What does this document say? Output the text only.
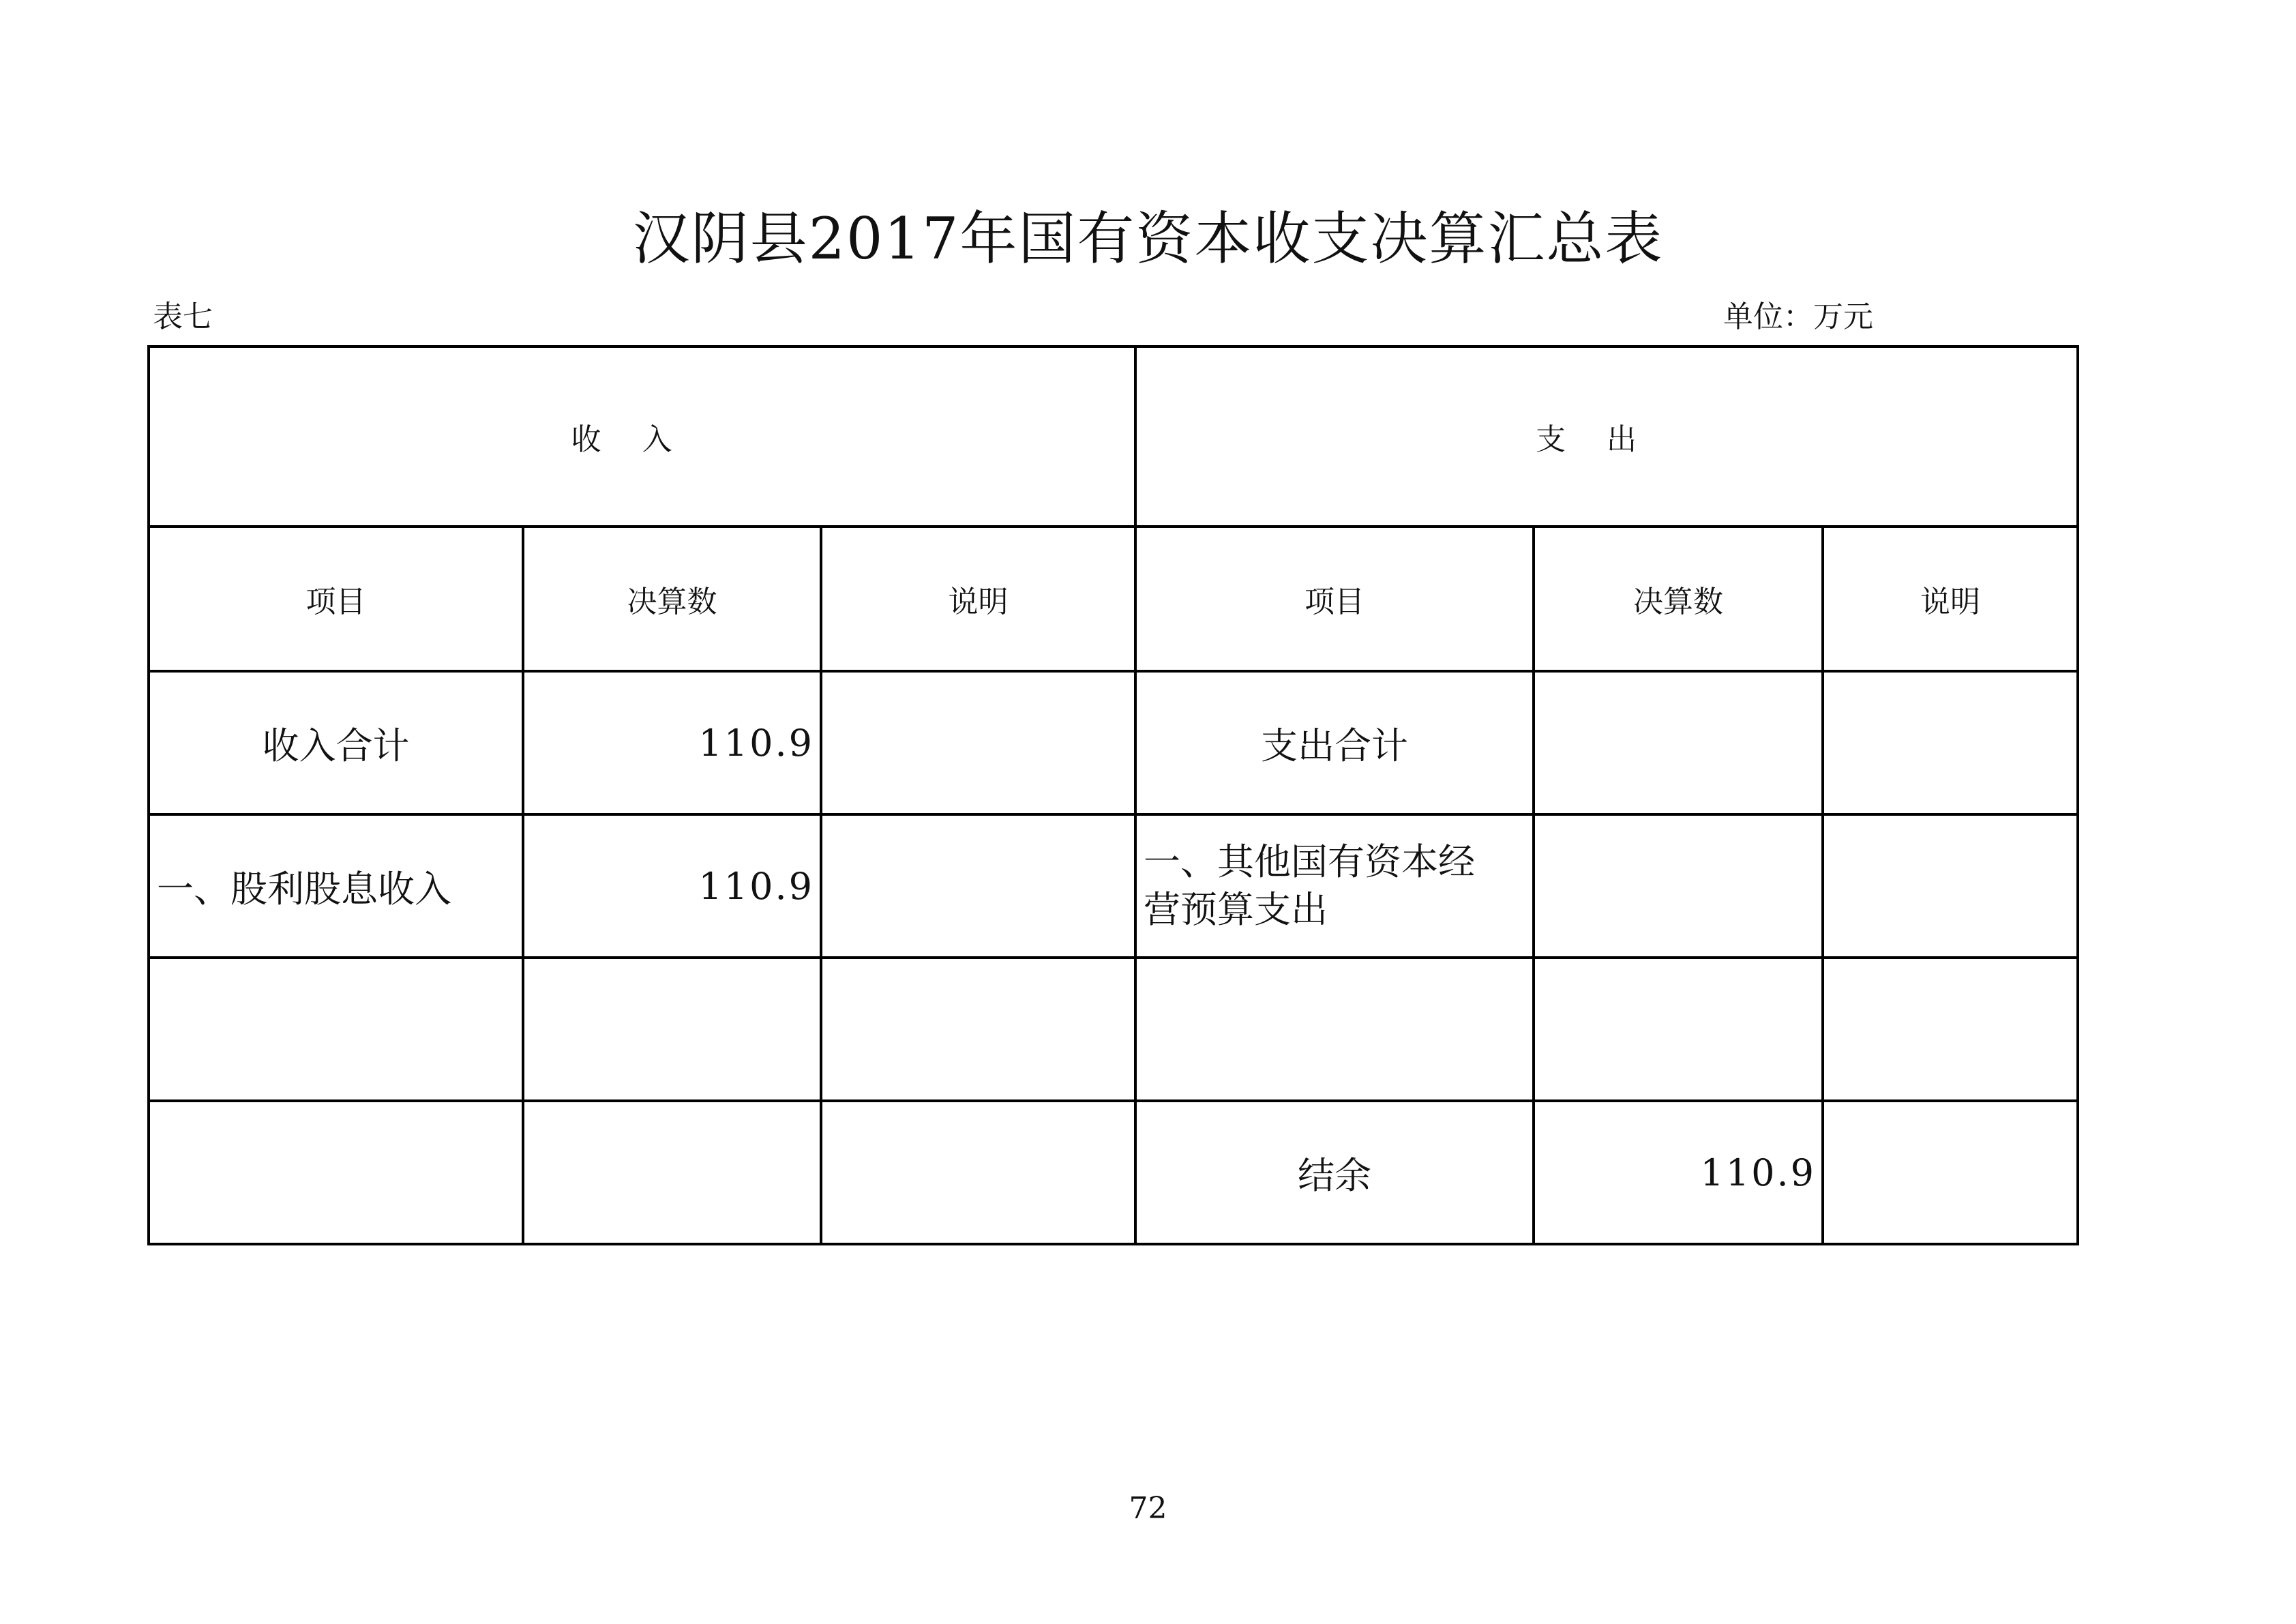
汉阴县2017年国有资本收支决算汇总表
表七	单位：万元
收入			支出		
项目	决算数	说明	项目	决算数	说明
收入合计	110.9		支出合计		
一、股利股息收入	110.9		一、其他国有资本经
营预算支出		

			结余	110.9	
72
